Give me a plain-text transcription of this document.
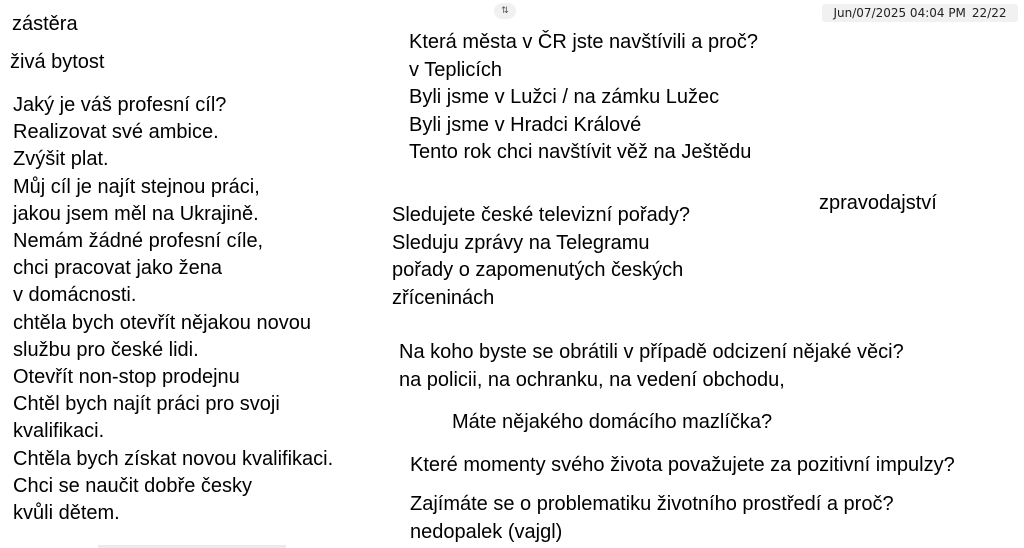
Jun/07/2025 04:04 PM 22/22
⇅
zástěra
živá bytost
Jaký je váš profesní cíl?
Realizovat své ambice.
Zvýšit plat.
Můj cíl je najít stejnou práci,
jakou jsem měl na Ukrajině.
Nemám žádné profesní cíle,
chci pracovat jako žena
v domácnosti.
chtěla bych otevřít nějakou novou
službu pro české lidi.
Otevřít non-stop prodejnu
Chtěl bych najít práci pro svoji
kvalifikaci.
Chtěla bych získat novou kvalifikaci.
Chci se naučit dobře česky
kvůli dětem.
Která města v ČR jste navštívili a proč?
v Teplicích
Byli jsme v Lužci / na zámku Lužec
Byli jsme v Hradci Králové
Tento rok chci navštívit věž na Ještědu
zpravodajství
Sledujete české televizní pořady?
Sleduju zprávy na Telegramu
pořady o zapomenutých českých
zříceninách
Na koho byste se obrátili v případě odcizení nějaké věci?
na policii, na ochranku, na vedení obchodu,
Máte nějakého domácího mazlíčka?
Které momenty svého života považujete za pozitivní impulzy?
Zajímáte se o problematiku životního prostředí a proč?
nedopalek (vajgl)
